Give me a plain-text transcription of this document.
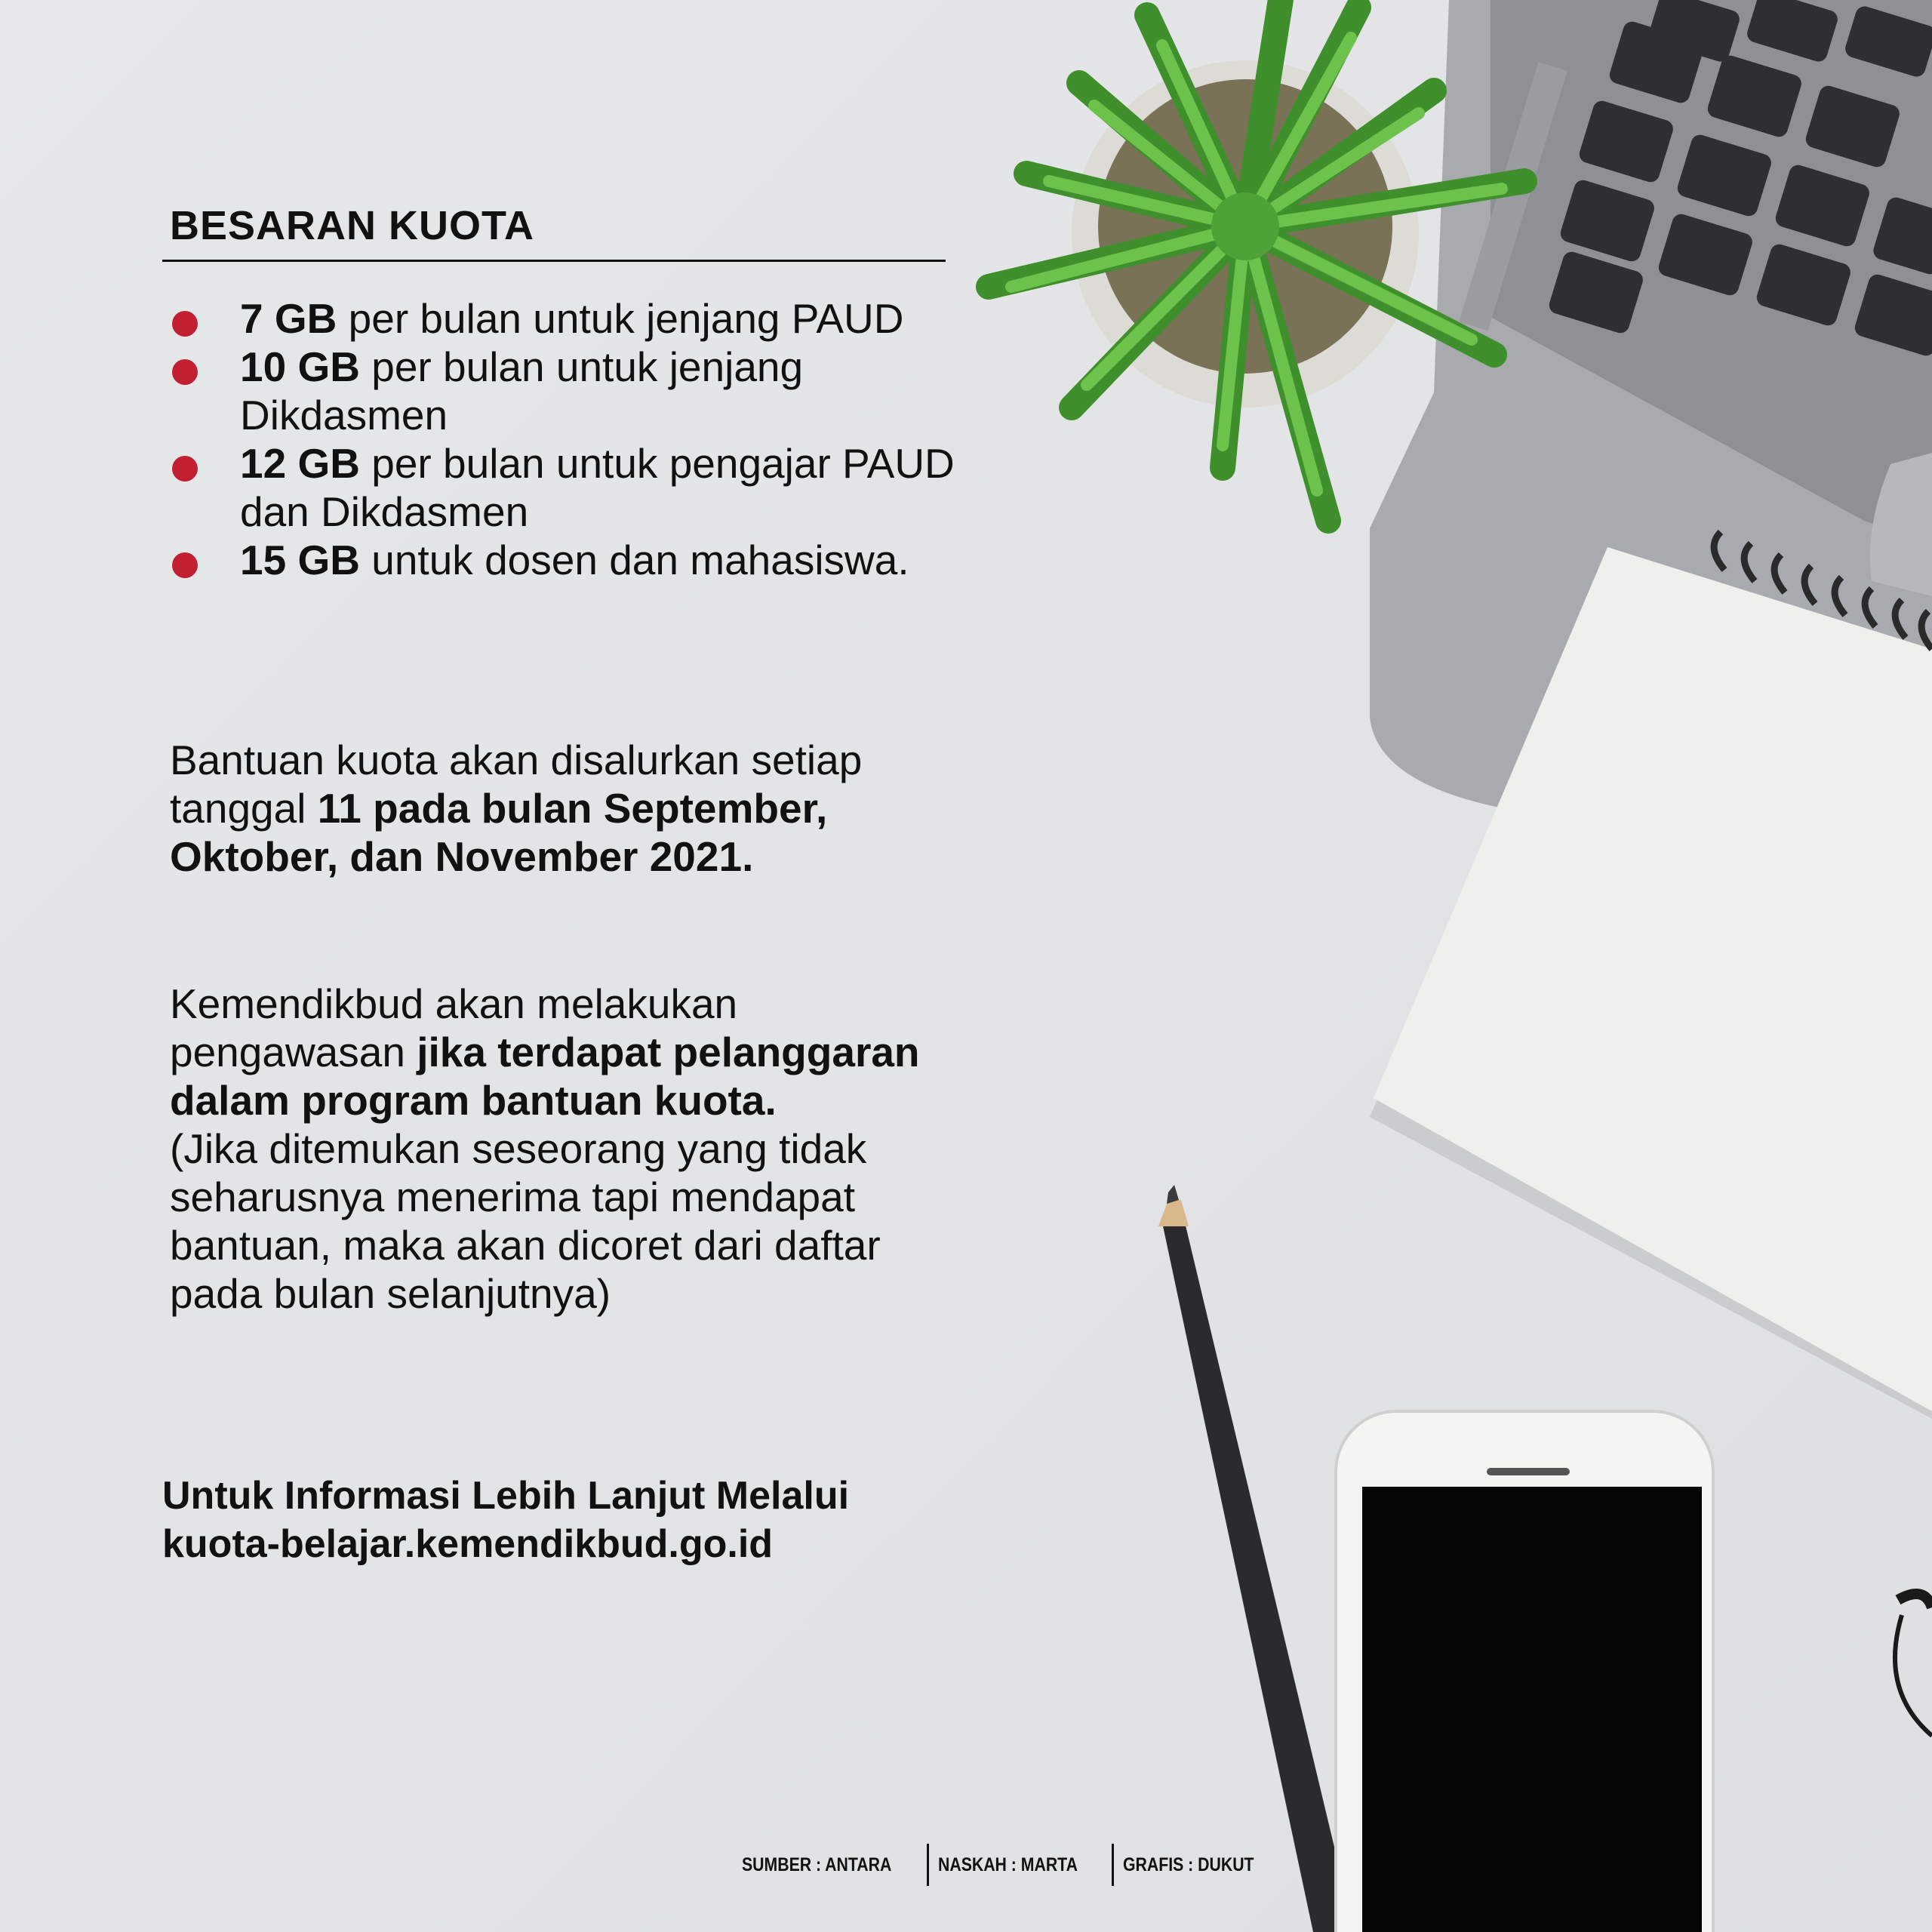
BESARAN KUOTA
7 GB per bulan untuk jenjang PAUD
10 GB per bulan untuk jenjang Dikdasmen
12 GB per bulan untuk pengajar PAUD dan Dikdasmen
15 GB untuk dosen dan mahasiswa.
Bantuan kuota akan disalurkan setiap tanggal 11 pada bulan September, Oktober, dan November 2021.
Kemendikbud akan melakukan pengawasan jika terdapat pelanggaran dalam program bantuan kuota.
(Jika ditemukan seseorang yang tidak seharusnya menerima tapi mendapat bantuan, maka akan dicoret dari daftar pada bulan selanjutnya)
Untuk Informasi Lebih Lanjut Melalui
kuota-belajar.kemendikbud.go.id
SUMBER : ANTARA NASKAH : MARTA GRAFIS : DUKUT
